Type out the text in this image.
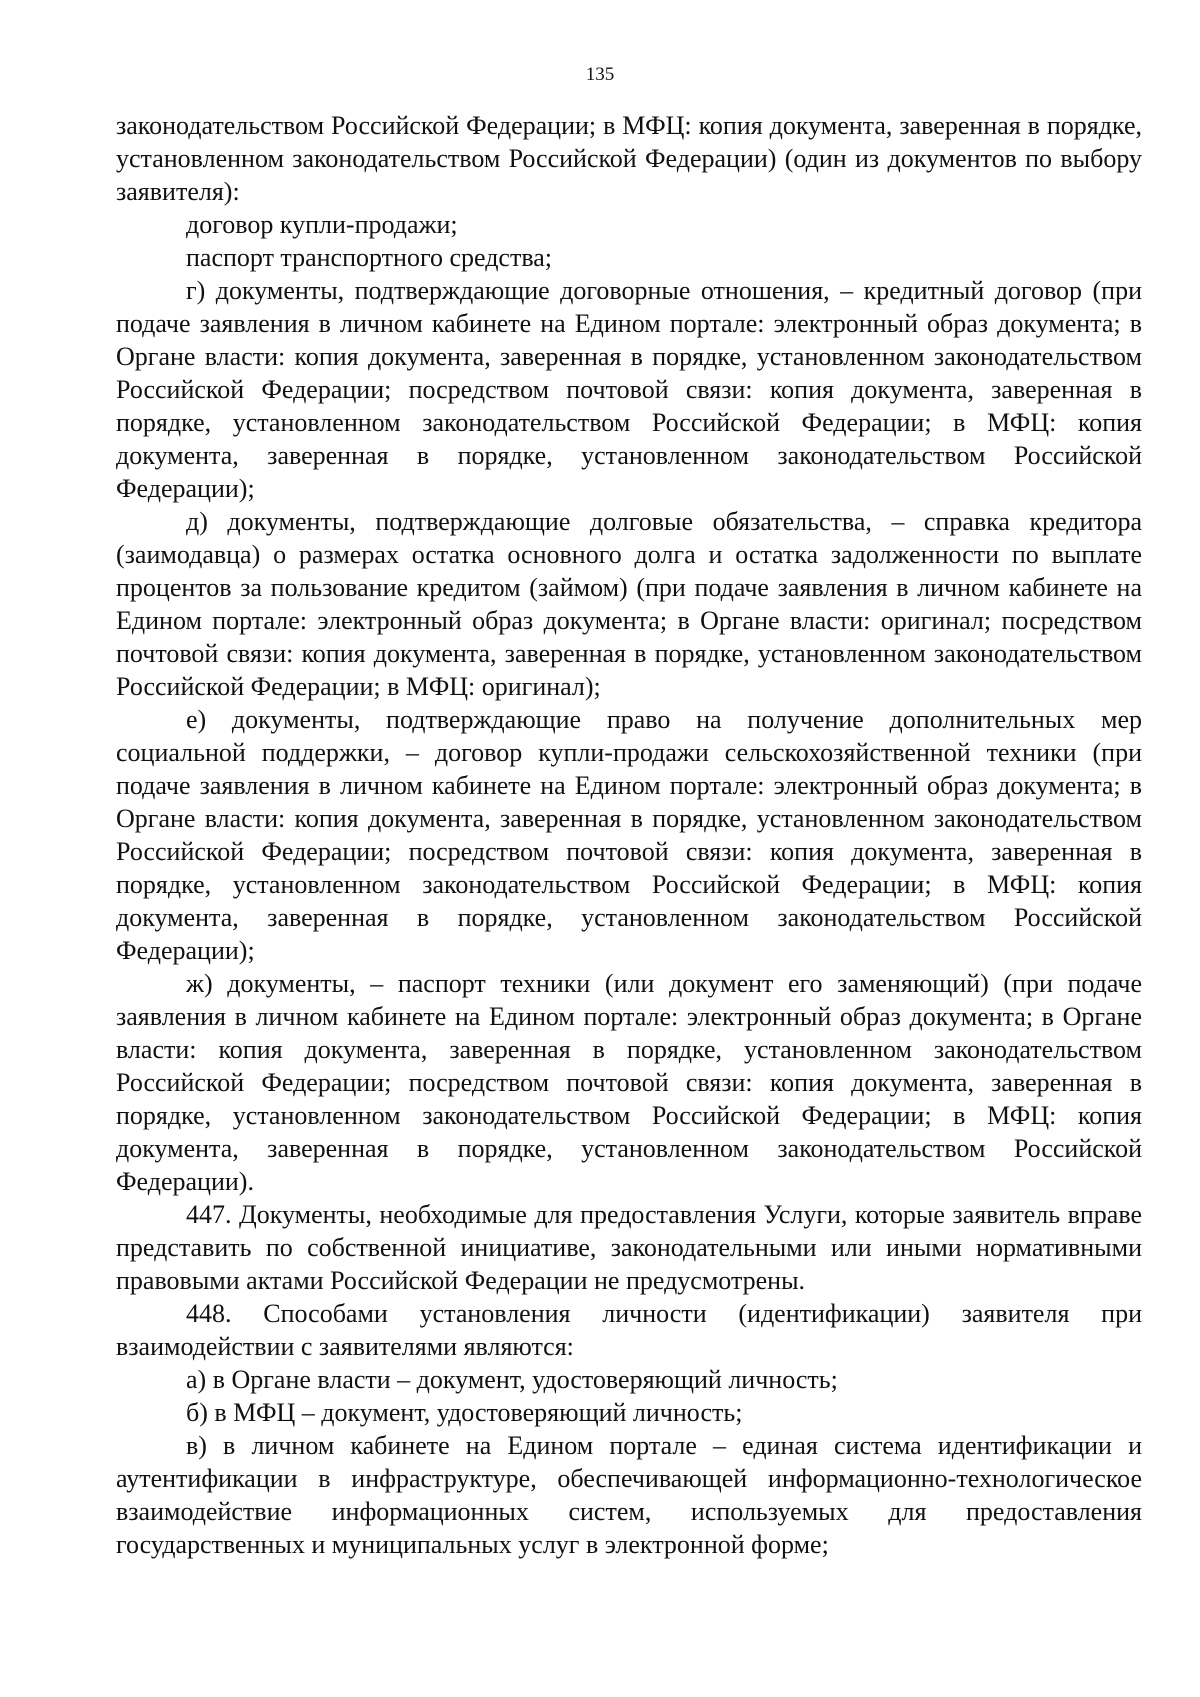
135

законодательством Российской Федерации; в МФЦ: копия документа, заверенная в порядке, установленном законодательством Российской Федерации) (один из документов по выбору заявителя):

договор купли-продажи;

паспорт транспортного средства;

г) документы, подтверждающие договорные отношения, – кредитный договор (при подаче заявления в личном кабинете на Едином портале: электронный образ документа; в Органе власти: копия документа, заверенная в порядке, установленном законодательством Российской Федерации; посредством почтовой связи: копия документа, заверенная в порядке, установленном законодательством Российской Федерации; в МФЦ: копия документа, заверенная в порядке, установленном законодательством Российской Федерации);

д) документы, подтверждающие долговые обязательства, – справка кредитора (заимодавца) о размерах остатка основного долга и остатка задолженности по выплате процентов за пользование кредитом (займом) (при подаче заявления в личном кабинете на Едином портале: электронный образ документа; в Органе власти: оригинал; посредством почтовой связи: копия документа, заверенная в порядке, установленном законодательством Российской Федерации; в МФЦ: оригинал);

е) документы, подтверждающие право на получение дополнительных мер социальной поддержки, – договор купли-продажи сельскохозяйственной техники (при подаче заявления в личном кабинете на Едином портале: электронный образ документа; в Органе власти: копия документа, заверенная в порядке, установленном законодательством Российской Федерации; посредством почтовой связи: копия документа, заверенная в порядке, установленном законодательством Российской Федерации; в МФЦ: копия документа, заверенная в порядке, установленном законодательством Российской Федерации);

ж) документы, – паспорт техники (или документ его заменяющий) (при подаче заявления в личном кабинете на Едином портале: электронный образ документа; в Органе власти: копия документа, заверенная в порядке, установленном законодательством Российской Федерации; посредством почтовой связи: копия документа, заверенная в порядке, установленном законодательством Российской Федерации; в МФЦ: копия документа, заверенная в порядке, установленном законодательством Российской Федерации).

447. Документы, необходимые для предоставления Услуги, которые заявитель вправе представить по собственной инициативе, законодательными или иными нормативными правовыми актами Российской Федерации не предусмотрены.

448. Способами установления личности (идентификации) заявителя при взаимодействии с заявителями являются:

а) в Органе власти – документ, удостоверяющий личность;

б) в МФЦ – документ, удостоверяющий личность;

в) в личном кабинете на Едином портале – единая система идентификации и аутентификации в инфраструктуре, обеспечивающей информационно-технологическое взаимодействие информационных систем, используемых для предоставления государственных и муниципальных услуг в электронной форме;
